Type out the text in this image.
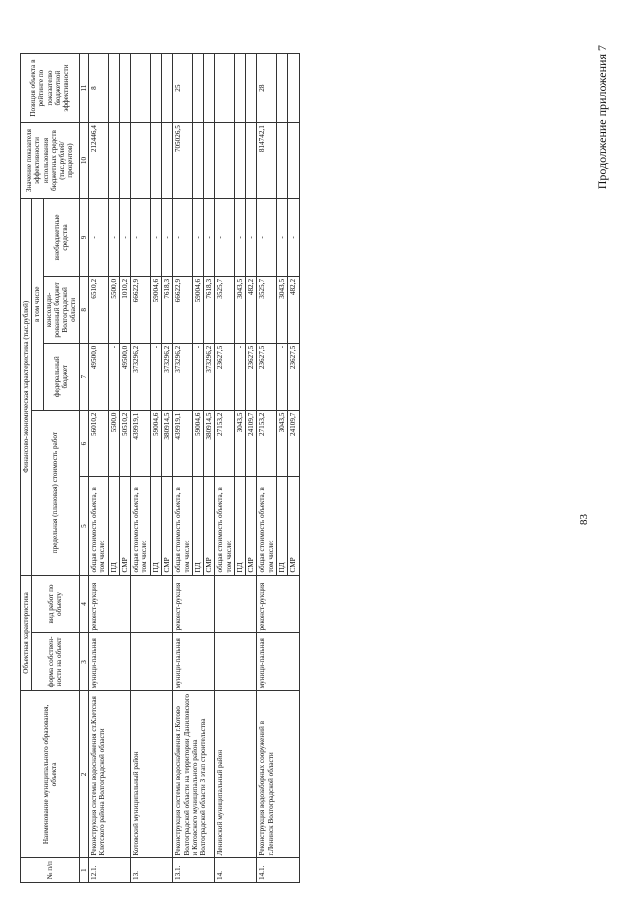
№ п/п	Наименование муниципального образования, объекта	Объектная характеристика		Финансово-экономическая характеристика (тыс.рублей)					Значение показателя эффективности использования бюджетных средств (тыс.рублей/ процентов)	Позиция объекта в рейтинге по показателю бюджетной эффективности
		форма собствен-ности на объект	вид работ по объекту	предельная (плановая) стоимость работ		в том числе				
						федеральный бюджет	консолиди-рованный бюджет Волгоградской области	внебюджетные средства		
1	2	3	4	5	6	7	8	9	10	11
12.1.	Реконструкция системы водоснабжения ст.Клетская Клетского района Волгоградской области	муници-пальная	реконст-рукция	общая стоимость объекта, в том числе:	56010,2	49500,0	6510,2	-	212446,4	8
				ПД	5500,0	-	5500,0	-		
				СМР	50510,2	49500,0	1010,2	-		
13.	Котовский муниципальный район			общая стоимость объекта, в том числе:	439919,1	373296,2	66622,9	-		
				ПД	59004,6	-	59004,6	-		
				СМР	380914,5	373296,2	7618,3	-		
13.1.	Реконструкция системы водоснабжения г.Котово Волгоградской области на территории Даниловского и Котовского муниципального района Волгоградской области 3 этап строительства	муници-пальная	реконст-рукция	общая стоимость объекта, в том числе:	439919,1	373296,2	66622,9	-	705026,5	25
				ПД	59004,6	-	59004,6	-		
				СМР	380914,5	373296,2	7618,3	-		
14.	Ленинский муниципальный район			общая стоимость объекта, в том числе:	27153,2	23627,5	3525,7	-		
				ПД	3043,5	-	3043,5	-		
				СМР	24109,7	23627,5	482,2	-		
14.1.	Реконструкция водозаборных сооружений в г.Ленинск Волгоградской области	муници-пальная	реконст-рукция	общая стоимость объекта, в том числе:	27153,2	23627,5	3525,7	-	814742,1	28
				ПД	3043,5	-	3043,5	-		
				СМР	24109,7	23627,5	482,2	-		
83
Продолжение приложения 7
